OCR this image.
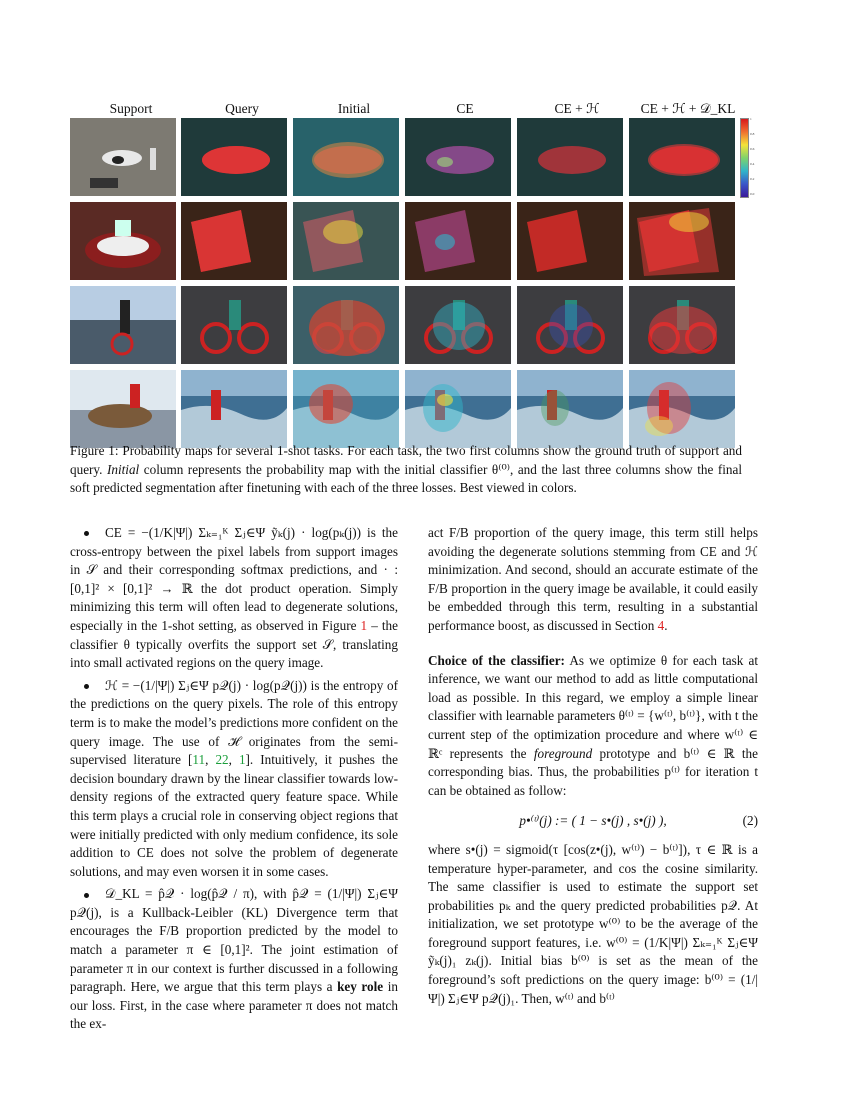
Support	Query	Initial	CE	CE + ℋ	CE + ℋ + 𝒟_KL
1
0.8
0.6
0.4
0.2
0.0
Figure 1: Probability maps for several 1-shot tasks. For each task, the two first columns show the ground truth of support and query. Initial column represents the probability map with the initial classifier θ⁽⁰⁾, and the last three columns show the final soft predicted segmentation after finetuning with each of the three losses. Best viewed in colors.

CE = −(1/K|Ψ|) Σₖ₌₁ᴷ Σⱼ∈Ψ ỹₖ(j) · log(pₖ(j)) is the cross-entropy between the pixel labels from support images in 𝒮 and their corresponding softmax predictions, and · : [0,1]² × [0,1]² → ℝ the dot product operation. Simply minimizing this term will often lead to degenerate solutions, especially in the 1-shot setting, as observed in Figure 1 – the classifier θ typically overfits the support set 𝒮, translating into small activated regions on the query image.

ℋ = −(1/|Ψ|) Σⱼ∈Ψ p𝒬(j) · log(p𝒬(j)) is the entropy of the predictions on the query pixels. The role of this entropy term is to make the model’s predictions more confident on the query image. The use of ℋ originates from the semi-supervised literature [11, 22, 1]. Intuitively, it pushes the decision boundary drawn by the linear classifier towards low-density regions of the extracted query feature space. While this term plays a crucial role in conserving object regions that were initially predicted with only medium confidence, its sole addition to CE does not solve the problem of degenerate solutions, and may even worsen it in some cases.

𝒟_KL = p̂𝒬 · log(p̂𝒬 / π), with p̂𝒬 = (1/|Ψ|) Σⱼ∈Ψ p𝒬(j), is a Kullback-Leibler (KL) Divergence term that encourages the F/B proportion predicted by the model to match a parameter π ∈ [0,1]². The joint estimation of parameter π in our context is further discussed in a following paragraph. Here, we argue that this term plays a key role in our loss. First, in the case where parameter π does not match the ex-

act F/B proportion of the query image, this term still helps avoiding the degenerate solutions stemming from CE and ℋ minimization. And second, should an accurate estimate of the F/B proportion in the query image be available, it could easily be embedded through this term, resulting in a substantial performance boost, as discussed in Section 4.

Choice of the classifier: As we optimize θ for each task at inference, we want our method to add as little computational load as possible. In this regard, we employ a simple linear classifier with learnable parameters θ⁽ᵗ⁾ = {w⁽ᵗ⁾, b⁽ᵗ⁾}, with t the current step of the optimization procedure and where w⁽ᵗ⁾ ∈ ℝᶜ represents the foreground prototype and b⁽ᵗ⁾ ∈ ℝ the corresponding bias. Thus, the probabilities p⁽ᵗ⁾ for iteration t can be obtained as follow:

p•⁽ᵗ⁾(j) := ( 1 − s•(j) , s•(j) ),	(2)

where s•(j) = sigmoid(τ [cos(z•(j), w⁽ᵗ⁾) − b⁽ᵗ⁾]), τ ∈ ℝ is a temperature hyper-parameter, and cos the cosine similarity. The same classifier is used to estimate the support set probabilities pₖ and the query predicted probabilities p𝒬. At initialization, we set prototype w⁽⁰⁾ to be the average of the foreground support features, i.e. w⁽⁰⁾ = (1/K|Ψ|) Σₖ₌₁ᴷ Σⱼ∈Ψ ỹₖ(j)₁ zₖ(j). Initial bias b⁽⁰⁾ is set as the mean of the foreground’s soft predictions on the query image: b⁽⁰⁾ = (1/|Ψ|) Σⱼ∈Ψ p𝒬(j)₁. Then, w⁽ᵗ⁾ and b⁽ᵗ⁾
